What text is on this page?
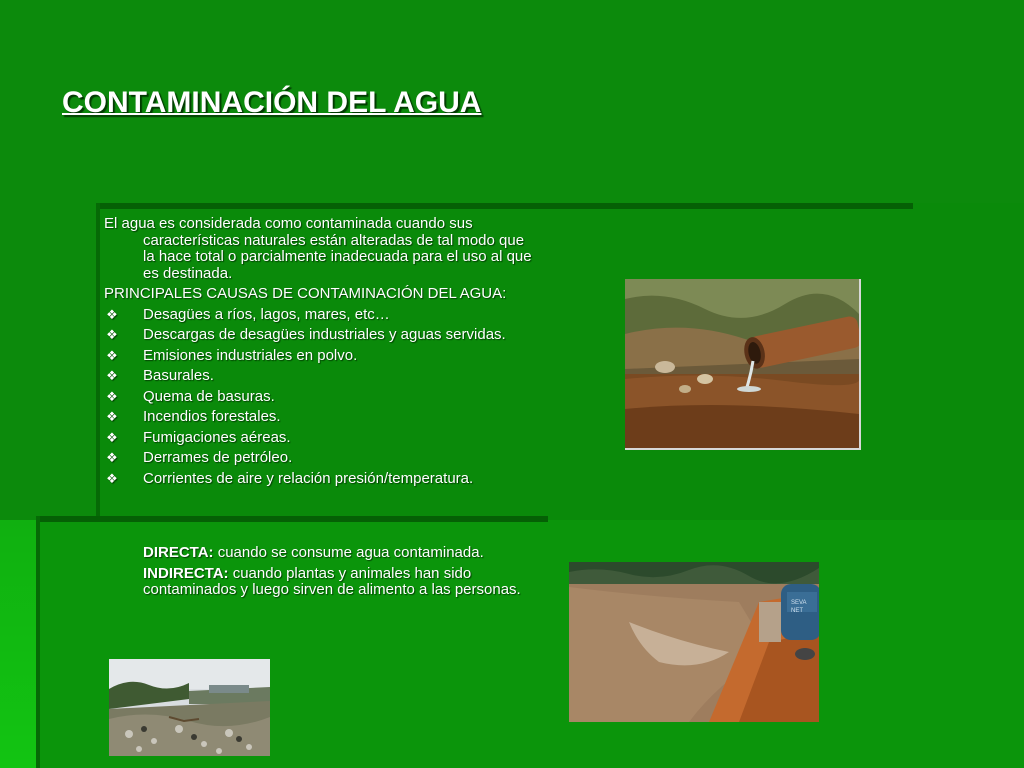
CONTAMINACIÓN DEL AGUA

El agua es considerada como contaminada cuando sus características naturales están alteradas de tal modo que la hace total o parcialmente inadecuada para el uso al que es destinada.

PRINCIPALES CAUSAS DE CONTAMINACIÓN DEL AGUA:

❖ Desagües a ríos, lagos, mares, etc…
❖ Descargas de desagües industriales y aguas servidas.
❖ Emisiones industriales en polvo.
❖ Basurales.
❖ Quema de basuras.
❖ Incendios forestales.
❖ Fumigaciones aéreas.
❖ Derrames de petróleo.
❖ Corrientes de aire y relación presión/temperatura.

DIRECTA: cuando se consume agua contaminada.

INDIRECTA: cuando plantas y animales han sido contaminados y luego sirven de alimento a las personas.

SEVA
NET
